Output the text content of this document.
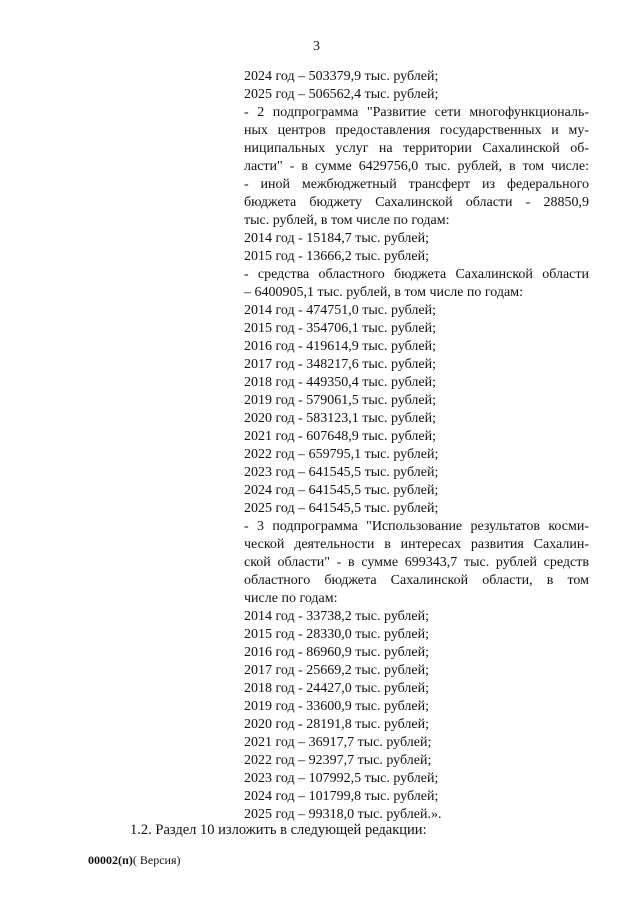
3
2024 год – 503379,9 тыс. рублей;
2025 год – 506562,4 тыс. рублей;
- 2 подпрограмма "Развитие сети многофункциональ-
ных центров предоставления государственных и му-
ниципальных услуг на территории Сахалинской об-
ласти" - в сумме 6429756,0 тыс. рублей, в том числе:
- иной межбюджетный трансферт из федерального
бюджета бюджету Сахалинской области - 28850,9
тыс. рублей, в том числе по годам:
2014 год - 15184,7 тыс. рублей;
2015 год - 13666,2 тыс. рублей;
- средства областного бюджета Сахалинской области
– 6400905,1 тыс. рублей, в том числе по годам:
2014 год - 474751,0 тыс. рублей;
2015 год - 354706,1 тыс. рублей;
2016 год - 419614,9 тыс. рублей;
2017 год - 348217,6 тыс. рублей;
2018 год - 449350,4 тыс. рублей;
2019 год - 579061,5 тыс. рублей;
2020 год - 583123,1 тыс. рублей;
2021 год - 607648,9 тыс. рублей;
2022 год – 659795,1 тыс. рублей;
2023 год – 641545,5 тыс. рублей;
2024 год – 641545,5 тыс. рублей;
2025 год – 641545,5 тыс. рублей;
- 3 подпрограмма "Использование результатов косми-
ческой деятельности в интересах развития Сахалин-
ской области" - в сумме 699343,7 тыс. рублей средств
областного бюджета Сахалинской области, в том
числе по годам:
2014 год - 33738,2 тыс. рублей;
2015 год - 28330,0 тыс. рублей;
2016 год - 86960,9 тыс. рублей;
2017 год - 25669,2 тыс. рублей;
2018 год - 24427,0 тыс. рублей;
2019 год - 33600,9 тыс. рублей;
2020 год - 28191,8 тыс. рублей;
2021 год – 36917,7 тыс. рублей;
2022 год – 92397,7 тыс. рублей;
2023 год – 107992,5 тыс. рублей;
2024 год – 101799,8 тыс. рублей;
2025 год – 99318,0 тыс. рублей.».
1.2. Раздел 10 изложить в следующей редакции:
00002(п)( Версия)
